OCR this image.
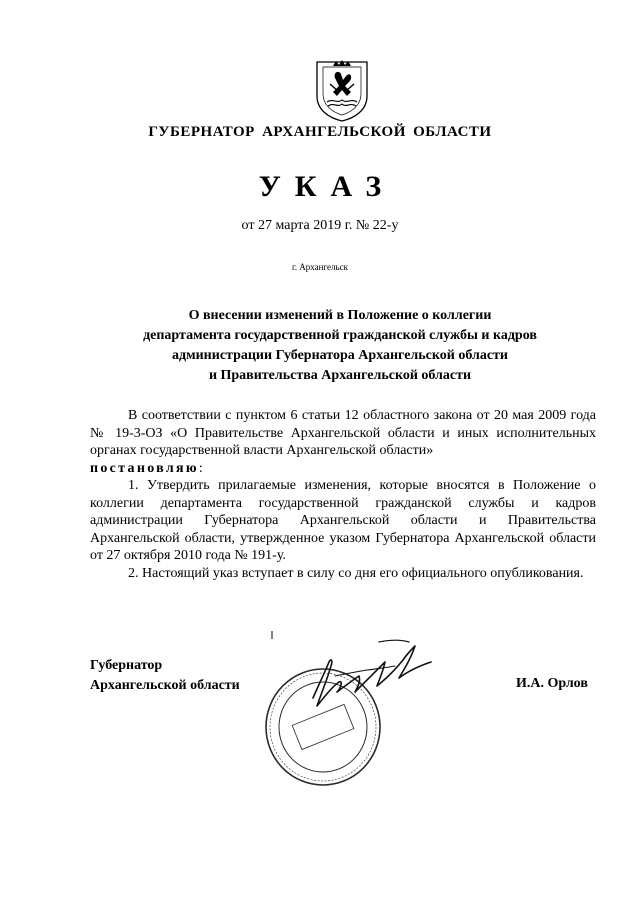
ГУБЕРНАТОР АРХАНГЕЛЬСКОЙ ОБЛАСТИ
УКАЗ
от 27 марта 2019 г. № 22-у
г. Архангельск
О внесении изменений в Положение о коллегии
департамента государственной гражданской службы и кадров
администрации Губернатора Архангельской области
и Правительства Архангельской области

В соответствии с пунктом 6 статьи 12 областного закона от 20 мая 2009 года № 19-3-ОЗ «О Правительстве Архангельской области и иных исполнительных органах государственной власти Архангельской области»

постановляю:

1. Утвердить прилагаемые изменения, которые вносятся в Положение о коллегии департамента государственной гражданской службы и кадров администрации Губернатора Архангельской области и Правительства Архангельской области, утвержденное указом Губернатора Архангельской области от 27 октября 2010 года № 191-у.

2. Настоящий указ вступает в силу со дня его официального опубликования.

Губернатор
Архангельской области	И.А. Орлов
